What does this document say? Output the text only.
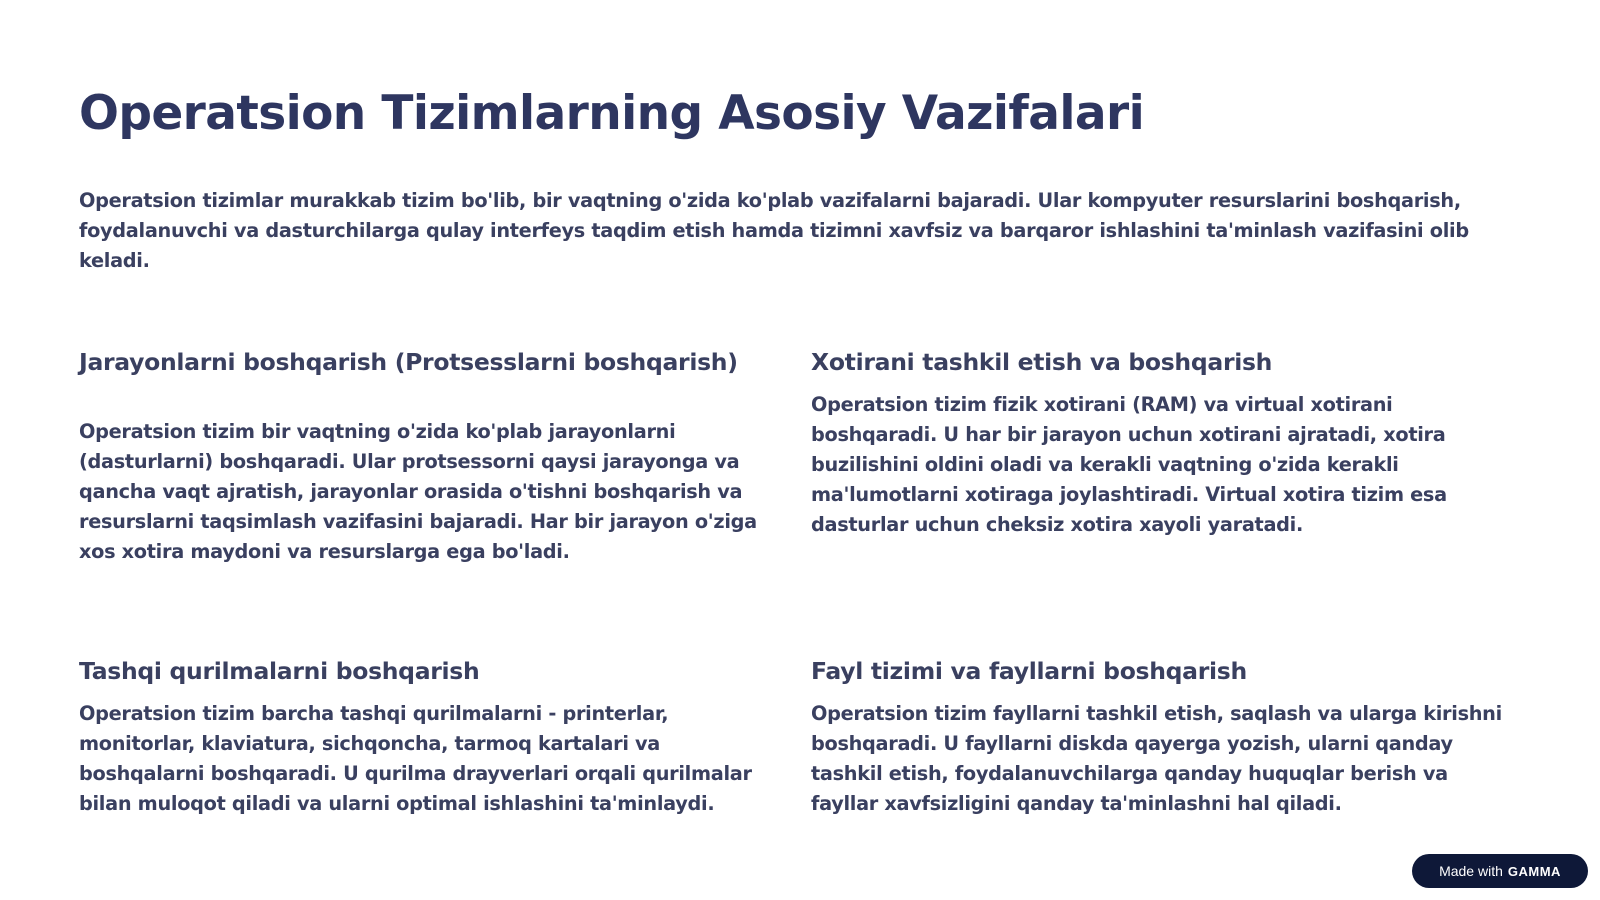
Operatsion Tizimlarning Asosiy Vazifalari

Operatsion tizimlar murakkab tizim bo'lib, bir vaqtning o'zida ko'plab vazifalarni bajaradi. Ular kompyuter resurslarini boshqarish, foydalanuvchi va dasturchilarga qulay interfeys taqdim etish hamda tizimni xavfsiz va barqaror ishlashini ta'minlash vazifasini olib keladi.

Jarayonlarni boshqarish (Protsesslarni boshqarish)

Operatsion tizim bir vaqtning o'zida ko'plab jarayonlarni (dasturlarni) boshqaradi. Ular protsessorni qaysi jarayonga va qancha vaqt ajratish, jarayonlar orasida o'tishni boshqarish va resurslarni taqsimlash vazifasini bajaradi. Har bir jarayon o'ziga xos xotira maydoni va resurslarga ega bo'ladi.

Xotirani tashkil etish va boshqarish

Operatsion tizim fizik xotirani (RAM) va virtual xotirani boshqaradi. U har bir jarayon uchun xotirani ajratadi, xotira buzilishini oldini oladi va kerakli vaqtning o'zida kerakli ma'lumotlarni xotiraga joylashtiradi. Virtual xotira tizim esa dasturlar uchun cheksiz xotira xayoli yaratadi.

Tashqi qurilmalarni boshqarish

Operatsion tizim barcha tashqi qurilmalarni - printerlar, monitorlar, klaviatura, sichqoncha, tarmoq kartalari va boshqalarni boshqaradi. U qurilma drayverlari orqali qurilmalar bilan muloqot qiladi va ularni optimal ishlashini ta'minlaydi.

Fayl tizimi va fayllarni boshqarish

Operatsion tizim fayllarni tashkil etish, saqlash va ularga kirishni boshqaradi. U fayllarni diskda qayerga yozish, ularni qanday tashkil etish, foydalanuvchilarga qanday huquqlar berish va fayllar xavfsizligini qanday ta'minlashni hal qiladi.

Made with GAMMA
